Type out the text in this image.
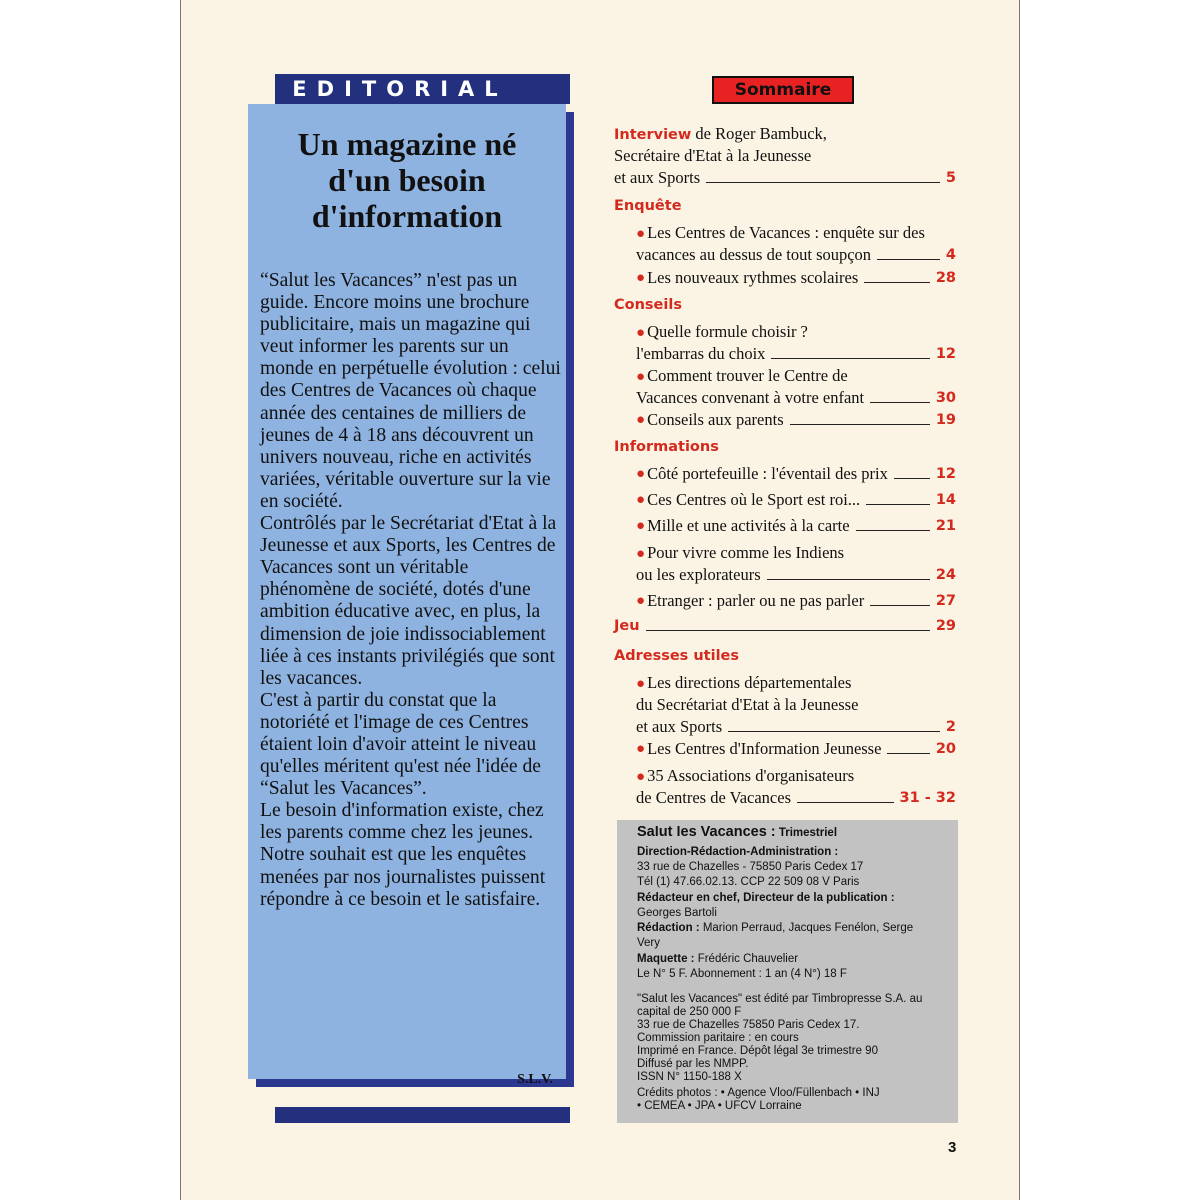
EDITORIAL
Un magazine né
d'un besoin
d'information

“Salut les Vacances” n'est pas un guide. Encore moins une brochure publicitaire, mais un magazine qui veut informer les parents sur un monde en perpétuelle évolution : celui des Centres de Vacances où chaque année des centaines de milliers de jeunes de 4 à 18 ans découvrent un univers nouveau, riche en activités variées, véritable ouverture sur la vie en société.

Contrôlés par le Secrétariat d'Etat à la Jeunesse et aux Sports, les Centres de Vacances sont un véritable phénomène de société, dotés d'une ambition éducative avec, en plus, la dimension de joie indissociablement liée à ces instants privilégiés que sont les vacances.

C'est à partir du constat que la notoriété et l'image de ces Centres étaient loin d'avoir atteint le niveau qu'elles méritent qu'est née l'idée de “Salut les Vacances”.

Le besoin d'information existe, chez les parents comme chez les jeunes. Notre souhait est que les enquêtes menées par nos journalistes puissent répondre à ce besoin et le satisfaire.

S.L.V.
Sommaire
Interview de Roger Bambuck,
Secrétaire d'Etat à la Jeunesse
et aux Sports	5
Enquête
● Les Centres de Vacances : enquête sur des
vacances au dessus de tout soupçon	4
● Les nouveaux rythmes scolaires	28
Conseils
● Quelle formule choisir ?
l'embarras du choix	12
● Comment trouver le Centre de
Vacances convenant à votre enfant	30
● Conseils aux parents	19
Informations
● Côté portefeuille : l'éventail des prix	12
● Ces Centres où le Sport est roi...	14
● Mille et une activités à la carte	21
● Pour vivre comme les Indiens
ou les explorateurs	24
● Etranger : parler ou ne pas parler	27
Jeu	29
Adresses utiles
● Les directions départementales
du Secrétariat d'Etat à la Jeunesse
et aux Sports	2
● Les Centres d'Information Jeunesse	20
● 35 Associations d'organisateurs
de Centres de Vacances	31 - 32
Salut les Vacances : Trimestriel
Direction-Rédaction-Administration :
33 rue de Chazelles - 75850 Paris Cedex 17
Tél (1) 47.66.02.13. CCP 22 509 08 V Paris
Rédacteur en chef, Directeur de la publication :
Georges Bartoli
Rédaction : Marion Perraud, Jacques Fenélon, Serge
Very
Maquette : Frédéric Chauvelier
Le N° 5 F. Abonnement : 1 an (4 N°) 18 F
"Salut les Vacances" est édité par Timbropresse S.A. au
capital de 250 000 F
33 rue de Chazelles 75850 Paris Cedex 17.
Commission paritaire : en cours
Imprimé en France. Dépôt légal 3e trimestre 90
Diffusé par les NMPP.
ISSN N° 1150-188 X
Crédits photos : • Agence Vloo/Füllenbach • INJ
• CEMEA • JPA • UFCV Lorraine
3
